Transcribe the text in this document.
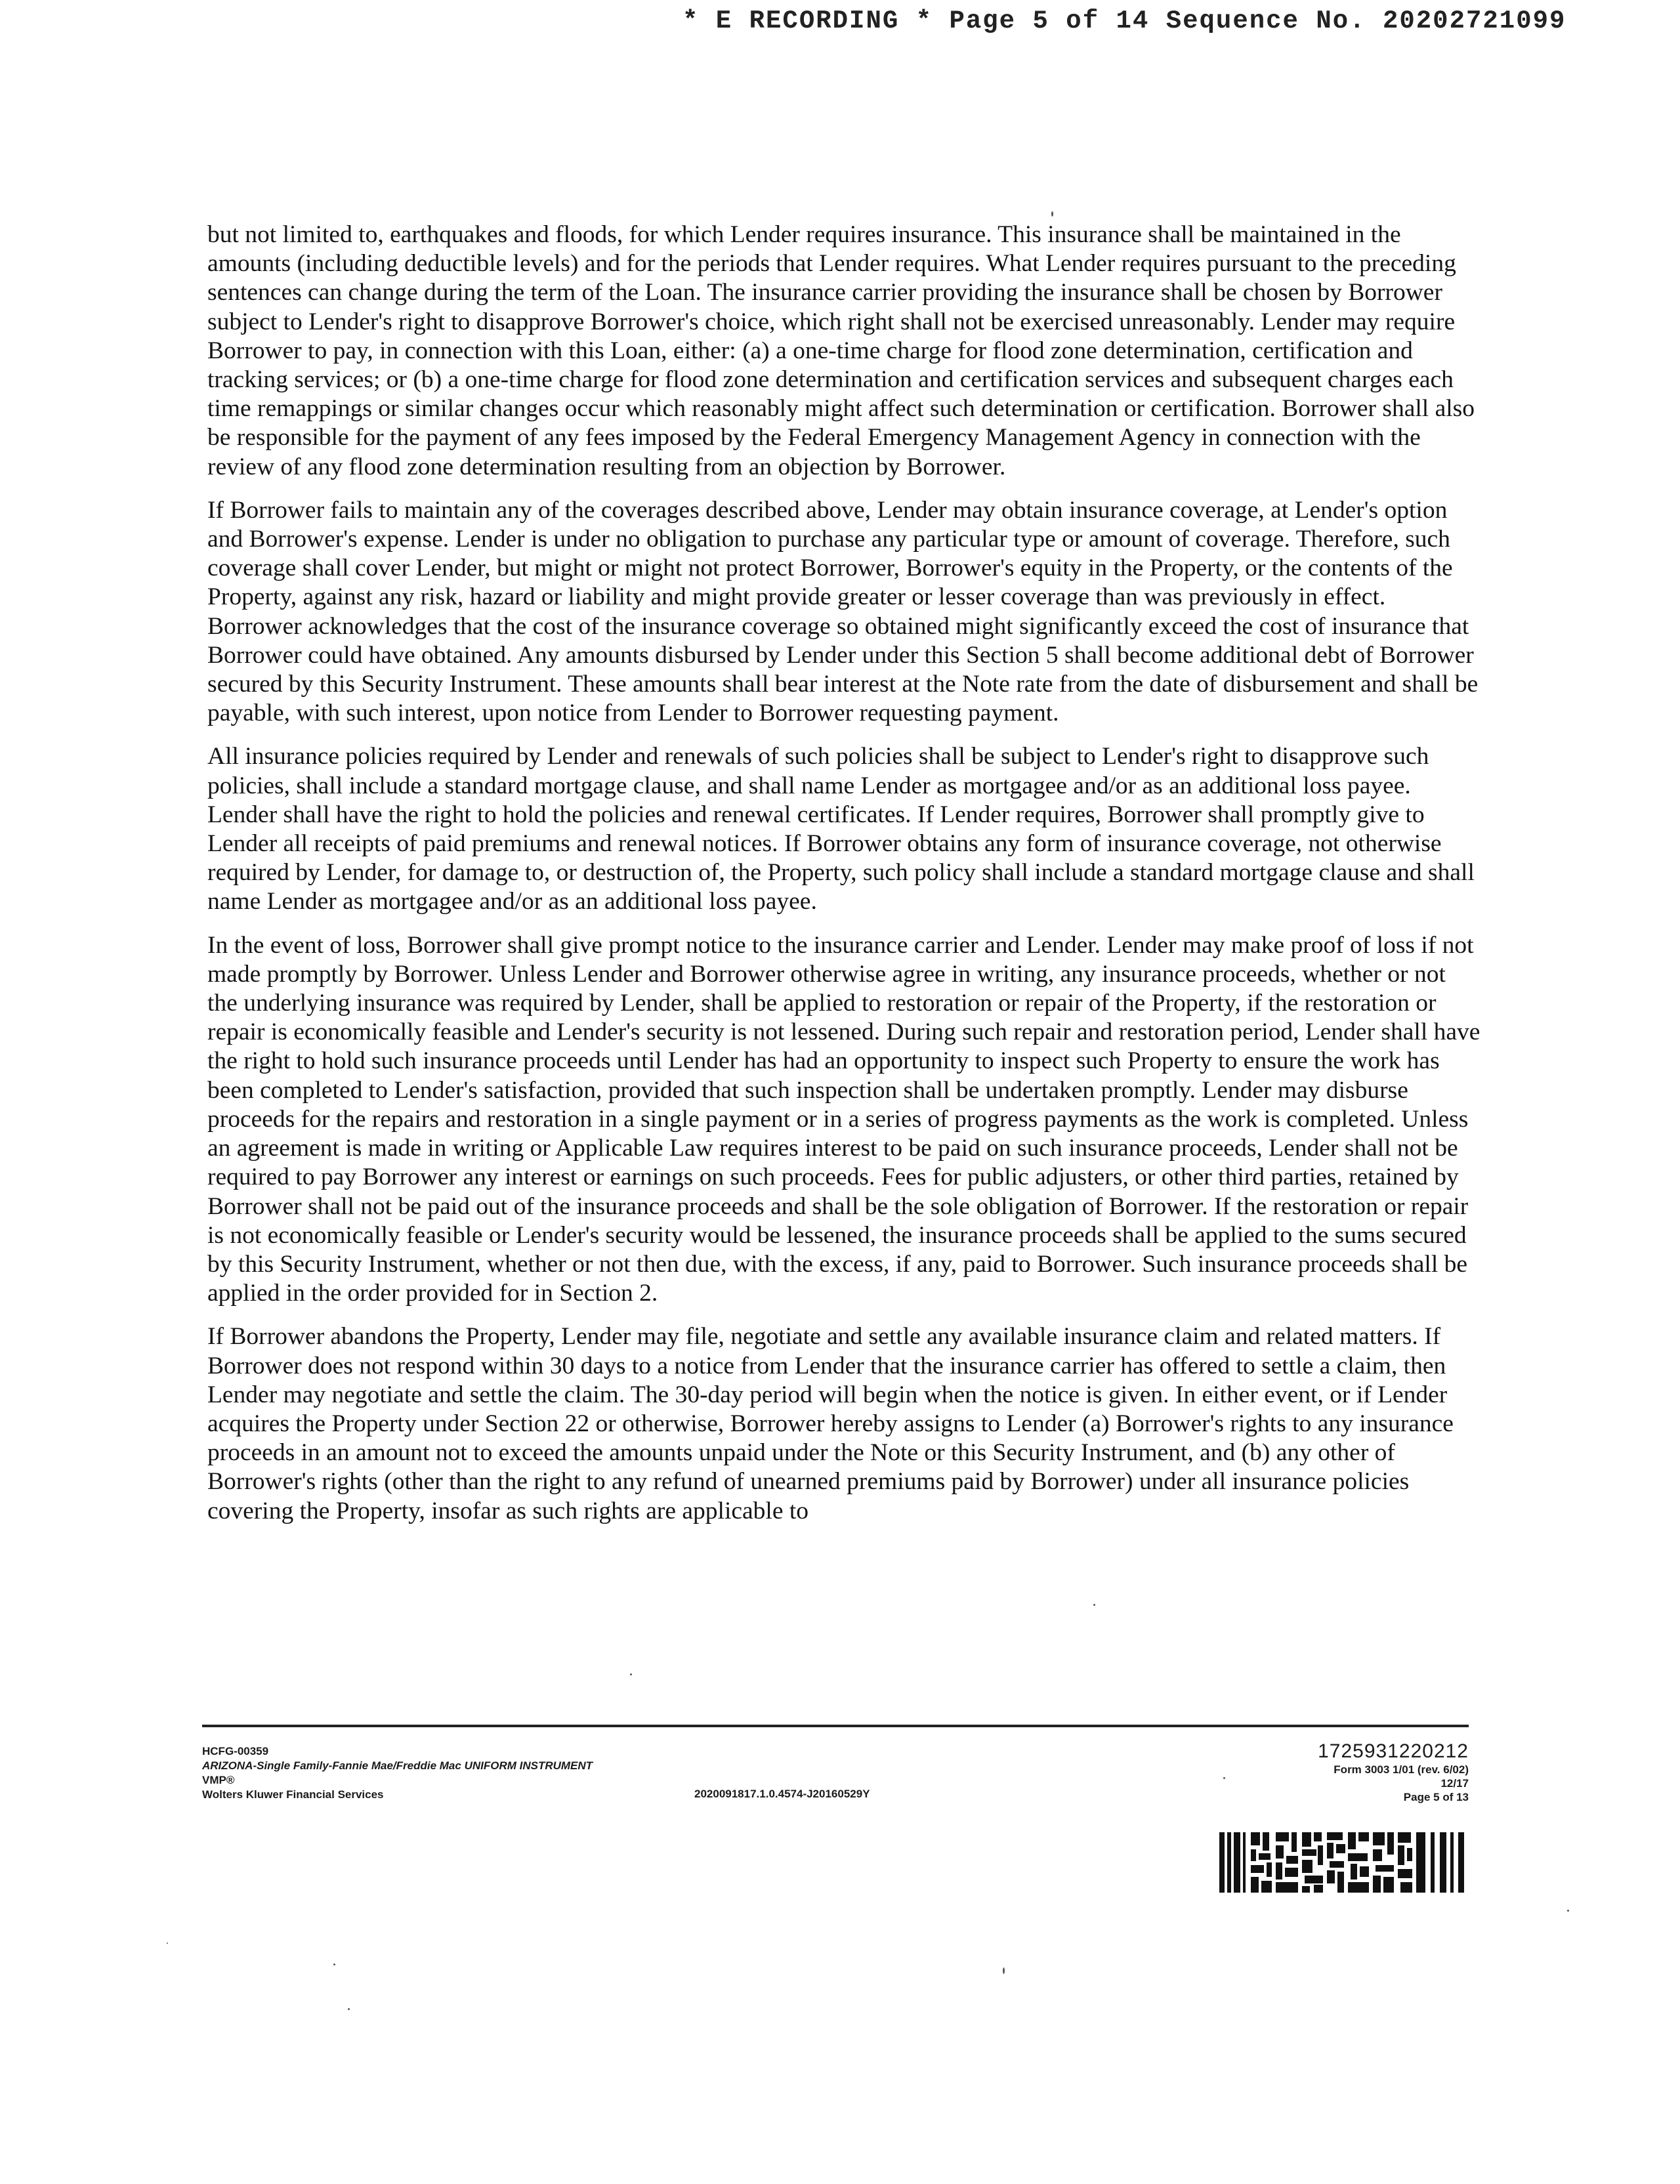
* E RECORDING * Page 5 of 14 Sequence No. 20202721099

but not limited to, earthquakes and floods, for which Lender requires insurance. This insurance shall be maintained in the amounts (including deductible levels) and for the periods that Lender requires. What Lender requires pursuant to the preceding sentences can change during the term of the Loan. The insurance carrier providing the insurance shall be chosen by Borrower subject to Lender's right to disapprove Borrower's choice, which right shall not be exercised unreasonably. Lender may require Borrower to pay, in connection with this Loan, either: (a) a one-time charge for flood zone determination, certification and tracking services; or (b) a one-time charge for flood zone determination and certification services and subsequent charges each time remappings or similar changes occur which reasonably might affect such determination or certification. Borrower shall also be responsible for the payment of any fees imposed by the Federal Emergency Management Agency in connection with the review of any flood zone determination resulting from an objection by Borrower.

If Borrower fails to maintain any of the coverages described above, Lender may obtain insurance coverage, at Lender's option and Borrower's expense. Lender is under no obligation to purchase any particular type or amount of coverage. Therefore, such coverage shall cover Lender, but might or might not protect Borrower, Borrower's equity in the Property, or the contents of the Property, against any risk, hazard or liability and might provide greater or lesser coverage than was previously in effect. Borrower acknowledges that the cost of the insurance coverage so obtained might significantly exceed the cost of insurance that Borrower could have obtained. Any amounts disbursed by Lender under this Section 5 shall become additional debt of Borrower secured by this Security Instrument. These amounts shall bear interest at the Note rate from the date of disbursement and shall be payable, with such interest, upon notice from Lender to Borrower requesting payment.

All insurance policies required by Lender and renewals of such policies shall be subject to Lender's right to disapprove such policies, shall include a standard mortgage clause, and shall name Lender as mortgagee and/or as an additional loss payee. Lender shall have the right to hold the policies and renewal certificates. If Lender requires, Borrower shall promptly give to Lender all receipts of paid premiums and renewal notices. If Borrower obtains any form of insurance coverage, not otherwise required by Lender, for damage to, or destruction of, the Property, such policy shall include a standard mortgage clause and shall name Lender as mortgagee and/or as an additional loss payee.

In the event of loss, Borrower shall give prompt notice to the insurance carrier and Lender. Lender may make proof of loss if not made promptly by Borrower. Unless Lender and Borrower otherwise agree in writing, any insurance proceeds, whether or not the underlying insurance was required by Lender, shall be applied to restoration or repair of the Property, if the restoration or repair is economically feasible and Lender's security is not lessened. During such repair and restoration period, Lender shall have the right to hold such insurance proceeds until Lender has had an opportunity to inspect such Property to ensure the work has been completed to Lender's satisfaction, provided that such inspection shall be undertaken promptly. Lender may disburse proceeds for the repairs and restoration in a single payment or in a series of progress payments as the work is completed. Unless an agreement is made in writing or Applicable Law requires interest to be paid on such insurance proceeds, Lender shall not be required to pay Borrower any interest or earnings on such proceeds. Fees for public adjusters, or other third parties, retained by Borrower shall not be paid out of the insurance proceeds and shall be the sole obligation of Borrower. If the restoration or repair is not economically feasible or Lender's security would be lessened, the insurance proceeds shall be applied to the sums secured by this Security Instrument, whether or not then due, with the excess, if any, paid to Borrower. Such insurance proceeds shall be applied in the order provided for in Section 2.

If Borrower abandons the Property, Lender may file, negotiate and settle any available insurance claim and related matters. If Borrower does not respond within 30 days to a notice from Lender that the insurance carrier has offered to settle a claim, then Lender may negotiate and settle the claim. The 30-day period will begin when the notice is given. In either event, or if Lender acquires the Property under Section 22 or otherwise, Borrower hereby assigns to Lender (a) Borrower's rights to any insurance proceeds in an amount not to exceed the amounts unpaid under the Note or this Security Instrument, and (b) any other of Borrower's rights (other than the right to any refund of unearned premiums paid by Borrower) under all insurance policies covering the Property, insofar as such rights are applicable to

HCFG-00359
ARIZONA-Single Family-Fannie Mae/Freddie Mac UNIFORM INSTRUMENT
VMP®
Wolters Kluwer Financial Services	2020091817.1.0.4574-J20160529Y
1725931220212
Form 3003 1/01 (rev. 6/02)
12/17
Page 5 of 13
